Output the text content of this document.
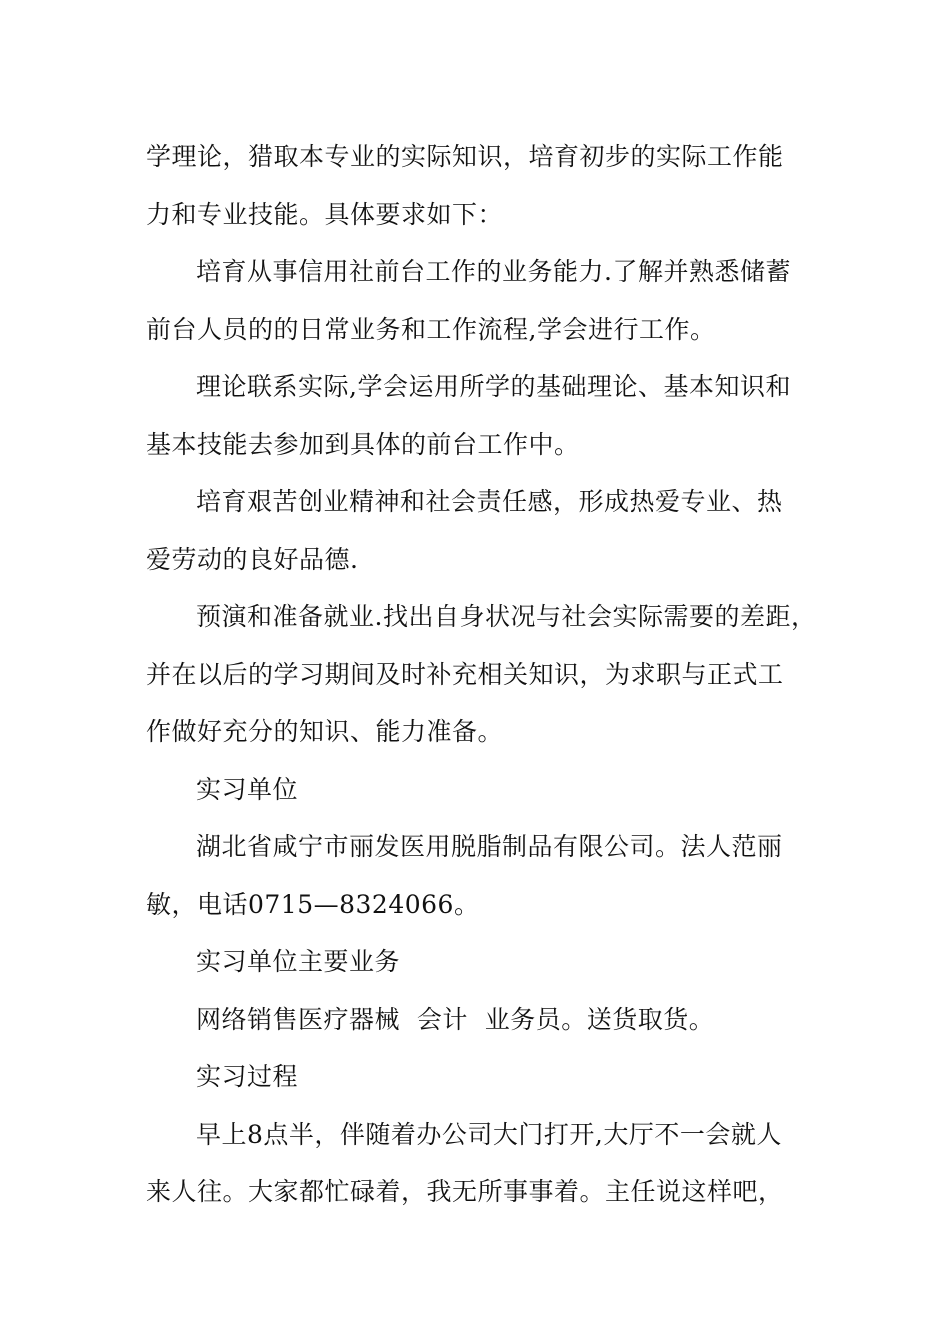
学理论，猎取本专业的实际知识，培育初步的实际工作能
力和专业技能。具体要求如下：
培育从事信用社前台工作的业务能力.了解并熟悉储蓄
前台人员的的日常业务和工作流程,学会进行工作。
理论联系实际,学会运用所学的基础理论、基本知识和
基本技能去参加到具体的前台工作中。
培育艰苦创业精神和社会责任感，形成热爱专业、热
爱劳动的良好品德.
预演和准备就业.找出自身状况与社会实际需要的差距，
并在以后的学习期间及时补充相关知识，为求职与正式工
作做好充分的知识、能力准备。
实习单位
湖北省咸宁市丽发医用脱脂制品有限公司。法人范丽
敏，电话0715—8324066。
实习单位主要业务
网络销售医疗器械  会计  业务员。送货取货。
实习过程
早上8点半，伴随着办公司大门打开,大厅不一会就人
来人往。大家都忙碌着，我无所事事着。主任说这样吧，
